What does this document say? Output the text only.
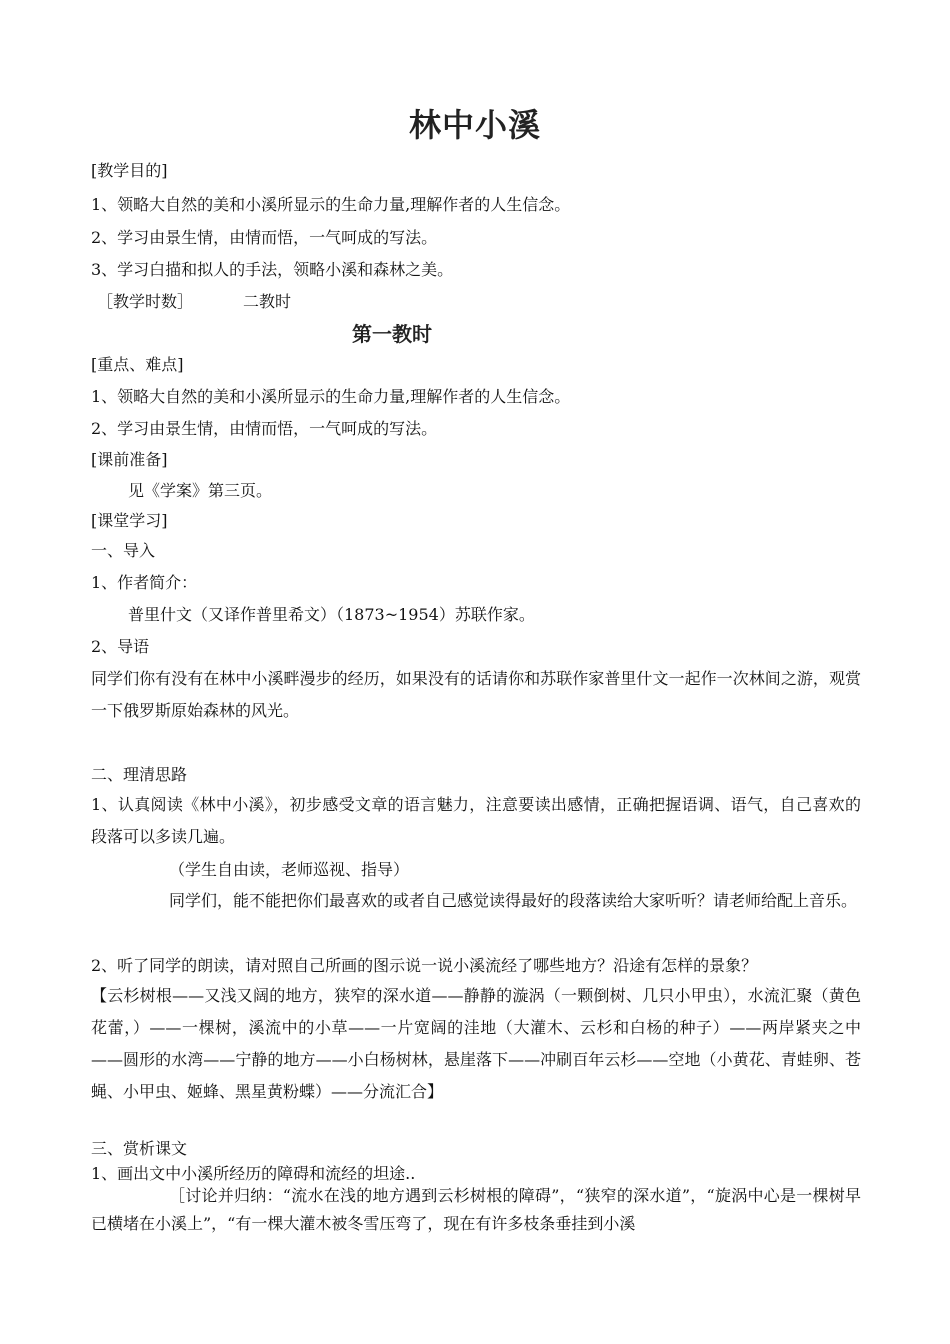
林中小溪
[教学目的]
1、领略大自然的美和小溪所显示的生命力量,理解作者的人生信念。
2、学习由景生情，由情而悟，一气呵成的写法。
3、学习白描和拟人的手法，领略小溪和森林之美。
［教学时数］	二教时
第一教时
[重点、难点]
1、领略大自然的美和小溪所显示的生命力量,理解作者的人生信念。
2、学习由景生情，由情而悟，一气呵成的写法。
[课前准备]
见《学案》第三页。
[课堂学习]
一、导入
1、作者简介：
普里什文（又译作普里希文）（1873~1954）苏联作家。
2、导语
同学们你有没有在林中小溪畔漫步的经历，如果没有的话请你和苏联作家普里什文一起作一次林间之游，观赏一下俄罗斯原始森林的风光。
二、理清思路
1、认真阅读《林中小溪》，初步感受文章的语言魅力，注意要读出感情，正确把握语调、语气，自己喜欢的段落可以多读几遍。
（学生自由读，老师巡视、指导）
同学们，能不能把你们最喜欢的或者自己感觉读得最好的段落读给大家听听？请老师给配上音乐。
2、听了同学的朗读，请对照自己所画的图示说一说小溪流经了哪些地方？沿途有怎样的景象？
【云杉树根——又浅又阔的地方，狭窄的深水道——静静的漩涡（一颗倒树、几只小甲虫），水流汇聚（黄色花蕾，）——一棵树，溪流中的小草——一片宽阔的洼地（大灌木、云杉和白杨的种子）——两岸紧夹之中——圆形的水湾——宁静的地方——小白杨树林，悬崖落下——冲刷百年云杉——空地（小黄花、青蛙卵、苍蝇、小甲虫、姬蜂、黑星黄粉蝶）——分流汇合】
三、赏析课文
1、画出文中小溪所经历的障碍和流经的坦途..
［讨论并归纳：“流水在浅的地方遇到云杉树根的障碍”，“狭窄的深水道”，“旋涡中心是一棵树早已横堵在小溪上”，“有一棵大灌木被冬雪压弯了，现在有许多枝条垂挂到小溪
